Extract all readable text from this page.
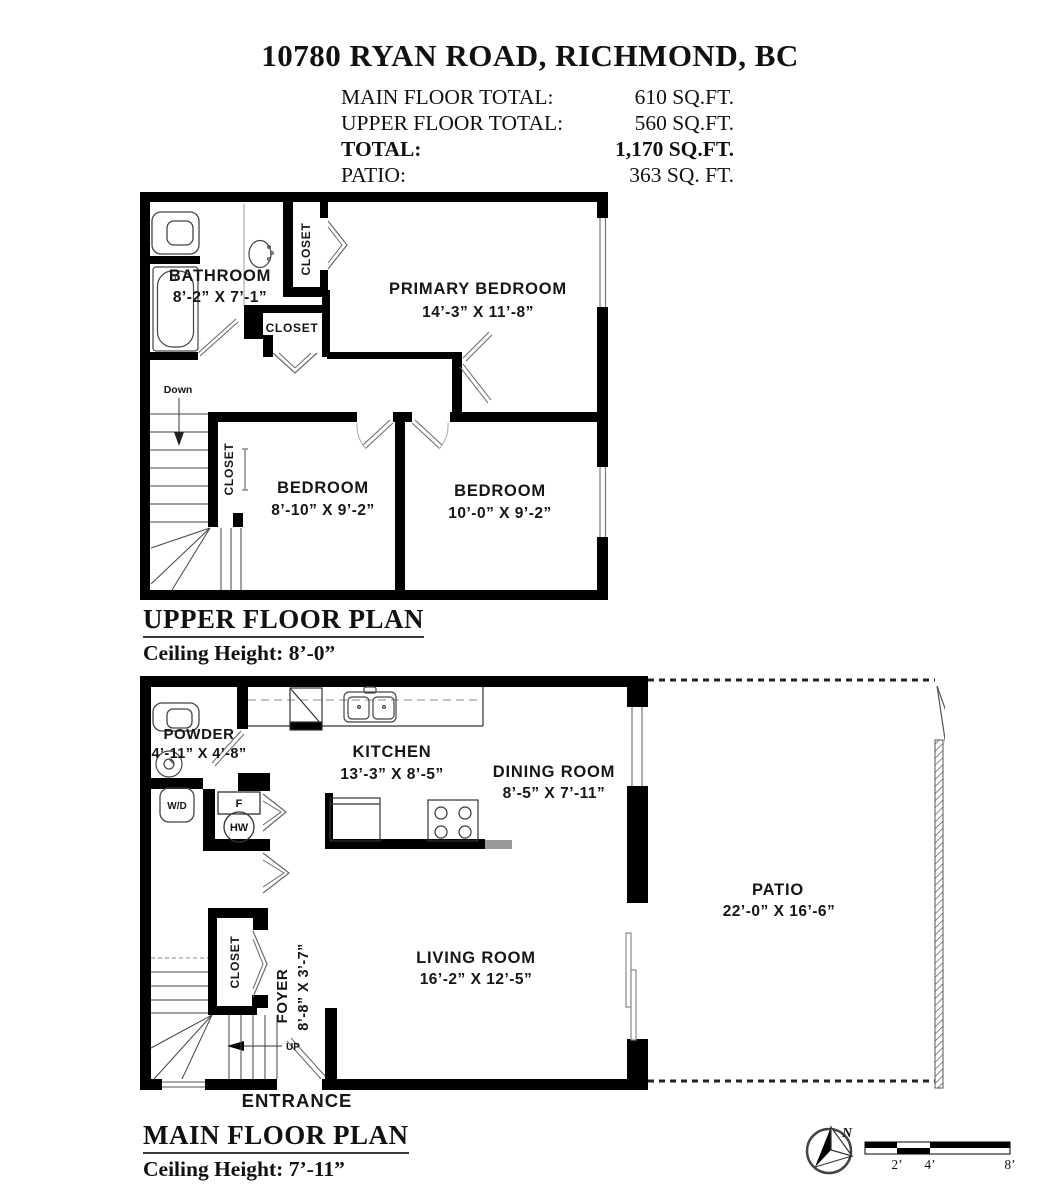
10780 RYAN ROAD, RICHMOND, BC
MAIN FLOOR TOTAL:	610 SQ.FT.
UPPER FLOOR TOTAL:	560 SQ.FT.
TOTAL:	1,170 SQ.FT.
PATIO:	363 SQ. FT.
BATHROOM
8’-2” X 7’-1”
CLOSET
CLOSET
PRIMARY BEDROOM
14’-3” X 11’-8”
Down
CLOSET BEDROOM
8’-10” X 9’-2”
BEDROOM
10’-0” X 9’-2”
UPPER FLOOR PLAN
Ceiling Height: 8’-0”
POWDER
4’-11” X 4’-8”
W/D	F
HW
KITCHEN
13’-3” X 8’-5”	DINING ROOM
8’-5” X 7’-11”
CLOSET
FOYER 8’-8” X 3’-7”	LIVING ROOM
16’-2” X 12’-5”
UP
PATIO
22’-0” X 16’-6”
ENTRANCE
MAIN FLOOR PLAN
Ceiling Height: 7’-11”
N
2’ 4’	8’
